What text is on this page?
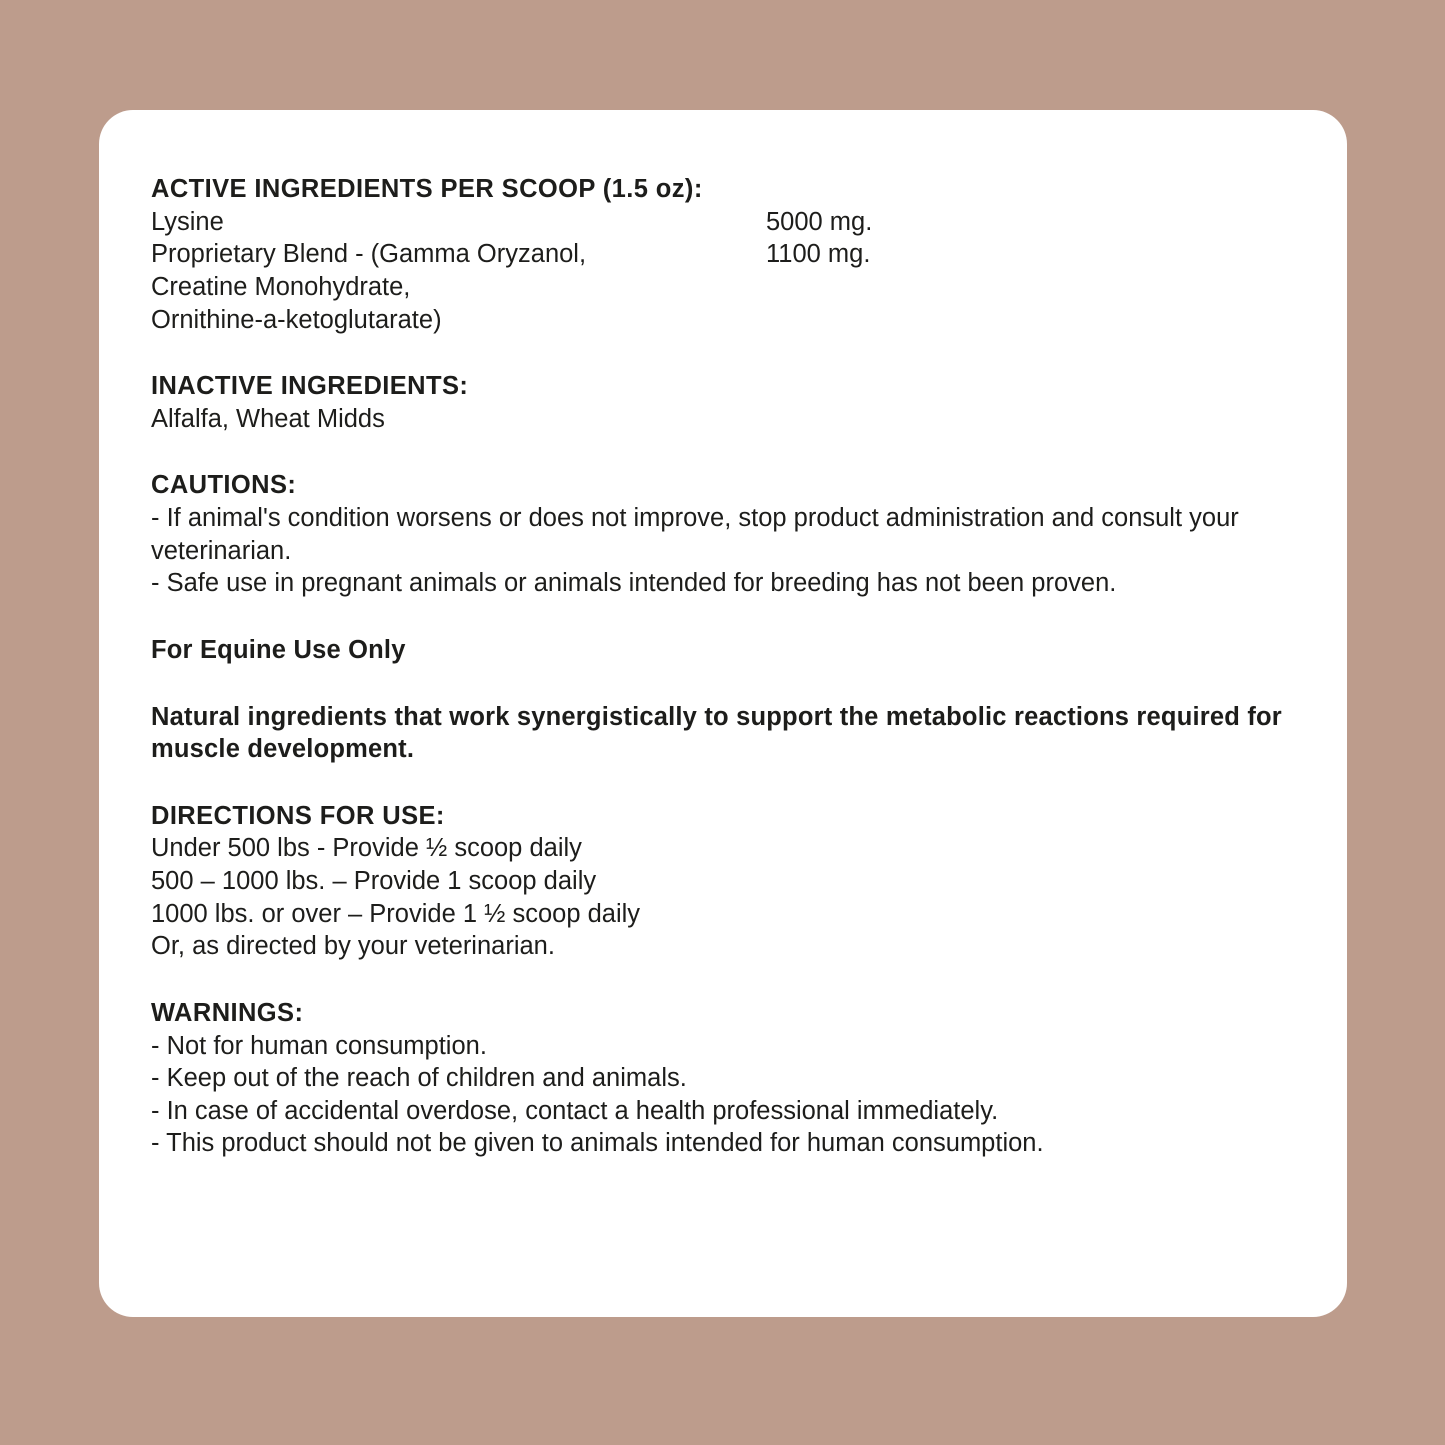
ACTIVE INGREDIENTS PER SCOOP (1.5 oz):

Lysine	5000 mg.
Proprietary Blend - (Gamma Oryzanol,	1100 mg.
Creatine Monohydrate,
Ornithine-a-ketoglutarate)

INACTIVE INGREDIENTS:

Alfalfa, Wheat Midds

CAUTIONS:

- If animal's condition worsens or does not improve, stop product administration and consult your veterinarian.

- Safe use in pregnant animals or animals intended for breeding has not been proven.

For Equine Use Only

Natural ingredients that work synergistically to support the metabolic reactions required for muscle development.

DIRECTIONS FOR USE:

Under 500 lbs - Provide ½ scoop daily

500 – 1000 lbs. – Provide 1 scoop daily

1000 lbs. or over – Provide 1 ½ scoop daily

Or, as directed by your veterinarian.

WARNINGS:

- Not for human consumption.

- Keep out of the reach of children and animals.

- In case of accidental overdose, contact a health professional immediately.

- This product should not be given to animals intended for human consumption.
